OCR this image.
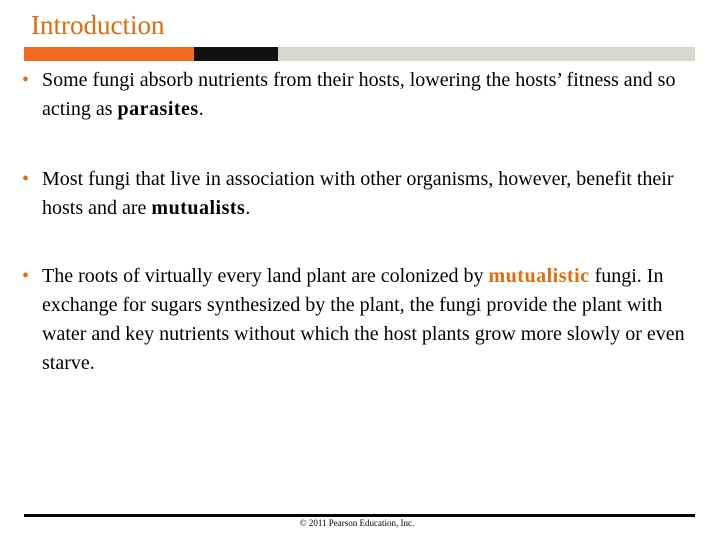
Introduction
• Some fungi absorb nutrients from their hosts, lowering the hosts’ fitness and so acting as parasites.
• Most fungi that live in association with other organisms, however, benefit their hosts and are mutualists.
• The roots of virtually every land plant are colonized by mutualistic fungi. In exchange for sugars synthesized by the plant, the fungi provide the plant with water and key nutrients without which the host plants grow more slowly or even starve.
© 2011 Pearson Education, Inc.
